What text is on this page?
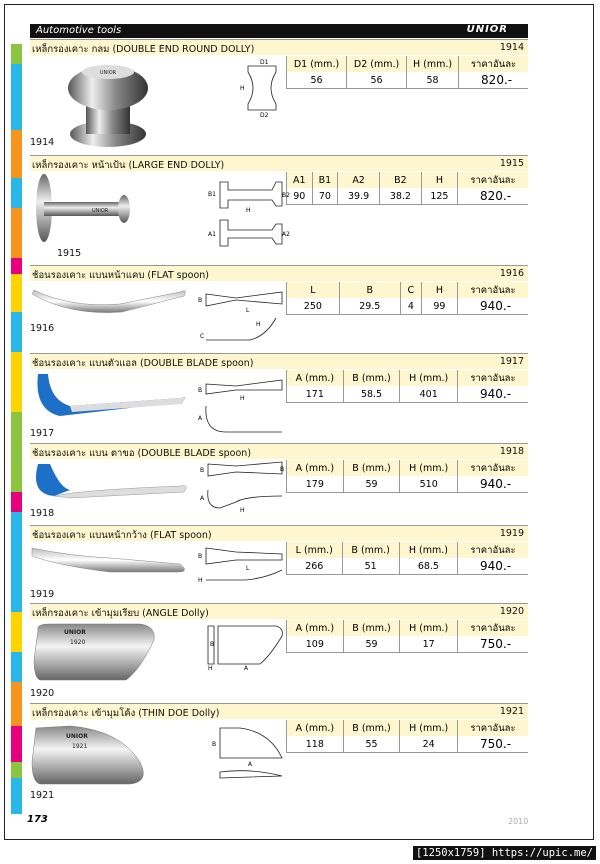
Automotive tools	UNIOR
เหล็กรองเคาะ กลม (DOUBLE END ROUND DOLLY)	1914
D1 (mm.)	D2 (mm.)	H (mm.)	ราคาอันละ
56	56	58	820.-
UNIOR
1914
D1
H
D2
เหล็กรองเคาะ หน้าเป้น (LARGE END DOLLY)	1915
A1	B1	A2	B2	H	ราคาอันละ
90	70	39.9	38.2	125	820.-
UNIOR
1915
B1
H
B2
A1	A2
ช้อนรองเคาะ แบนหน้าแคบ (FLAT spoon)	1916
L	B	C	H	ราคาอันละ
250	29.5	4	99	940.-
1916
B
L
H
C
ช้อนรองเคาะ แบนตัวแอล (DOUBLE BLADE spoon)	1917
A (mm.)	B (mm.)	H (mm.)	ราคาอันละ
171	58.5	401	940.-
1917
B
H
A
ช้อนรองเคาะ แบน ตาขอ (DOUBLE BLADE spoon)	1918
A (mm.)	B (mm.)	H (mm.)	ราคาอันละ
179	59	510	940.-
1918
B	B
A
H
ช้อนรองเคาะ แบนหน้ากว้าง (FLAT spoon)	1919
L (mm.)	B (mm.)	H (mm.)	ราคาอันละ
266	51	68.5	940.-
1919
B
L
H
เหล็กรองเคาะ เข้ามุมเรียบ (ANGLE Dolly)	1920
A (mm.)	B (mm.)	H (mm.)	ราคาอันละ
109	59	17	750.-
UNIOR
1920
1920
B
H	A
เหล็กรองเคาะ เข้ามุมโค้ง (THIN DOE Dolly)	1921
A (mm.)	B (mm.)	H (mm.)	ราคาอันละ
118	55	24	750.-
UNIOR
1921
1921
B
A
173	2010
[1250x1759] https://upic.me/
